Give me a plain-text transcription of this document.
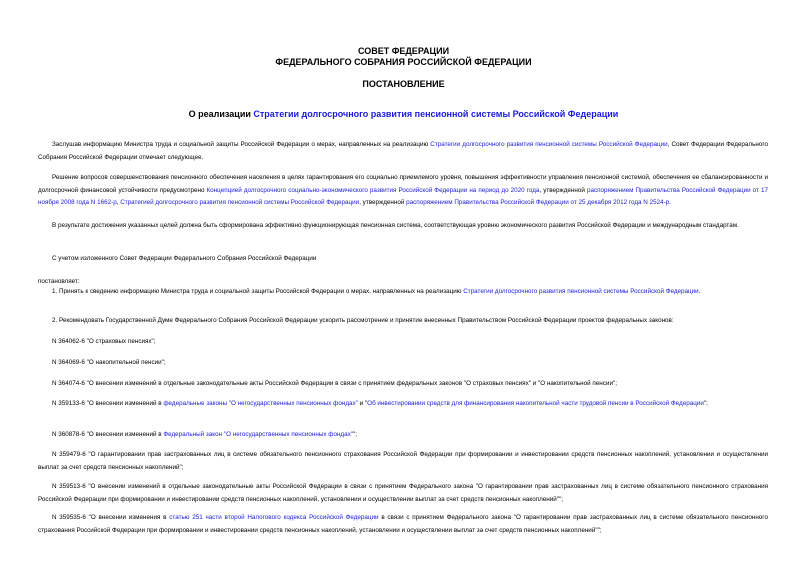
СОВЕТ ФЕДЕРАЦИИ
ФЕДЕРАЛЬНОГО СОБРАНИЯ РОССИЙСКОЙ ФЕДЕРАЦИИ
ПОСТАНОВЛЕНИЕ
О реализации Стратегии долгосрочного развития пенсионной системы Российской Федерации
Заслушав информацию Министра труда и социальной защиты Российской Федерации о мерах, направленных на реализацию Стратегии долгосрочного развития пенсионной системы Российской Федерации, Совет Федерации Федерального Собрания Российской Федерации отмечает следующее.
Решение вопросов совершенствования пенсионного обеспечения населения в целях гарантирования его социально приемлемого уровня, повышения эффективности управления пенсионной системой, обеспечения ее сбалансированности и долгосрочной финансовой устойчивости предусмотрено Концепцией долгосрочного социально-экономического развития Российской Федерации на период до 2020 года, утвержденной распоряжением Правительства Российской Федерации от 17 ноября 2008 года N 1662-р, Стратегией долгосрочного развития пенсионной системы Российской Федерации, утвержденной распоряжением Правительства Российской Федерации от 25 декабря 2012 года N 2524-р.
В результате достижения указанных целей должна быть сформирована эффективно функционирующая пенсионная система, соответствующая уровню экономического развития Российской Федерации и международным стандартам.
С учетом изложенного Совет Федерации Федерального Собрания Российской Федерации
постановляет:
1. Принять к сведению информацию Министра труда и социальной защиты Российской Федерации о мерах, направленных на реализацию Стратегии долгосрочного развития пенсионной системы Российской Федерации.
2. Рекомендовать Государственной Думе Федерального Собрания Российской Федерации ускорить рассмотрение и принятие внесенных Правительством Российской Федерации проектов федеральных законов:
N 364062-6 "О страховых пенсиях";
N 364069-6 "О накопительной пенсии";
N 364074-6 "О внесении изменений в отдельные законодательные акты Российской Федерации в связи с принятием федеральных законов "О страховых пенсиях" и "О накопительной пенсии";
N 359133-6 "О внесении изменений в федеральные законы "О негосударственных пенсионных фондах" и "Об инвестировании средств для финансирования накопительной части трудовой пенсии в Российской Федерации";
N 360878-6 "О внесении изменений в Федеральный закон "О негосударственных пенсионных фондах"";
N 359479-6 "О гарантировании прав застрахованных лиц в системе обязательного пенсионного страхования Российской Федерации при формировании и инвестировании средств пенсионных накоплений, установлении и осуществлении выплат за счет средств пенсионных накоплений";
N 359513-6 "О внесении изменений в отдельные законодательные акты Российской Федерации в связи с принятием Федерального закона "О гарантировании прав застрахованных лиц в системе обязательного пенсионного страхования Российской Федерации при формировании и инвестировании средств пенсионных накоплений, установлении и осуществлении выплат за счет средств пенсионных накоплений"";
N 359535-6 "О внесении изменения в статью 251 части второй Налогового кодекса Российской Федерации в связи с принятием Федерального закона "О гарантировании прав застрахованных лиц в системе обязательного пенсионного страхования Российской Федерации при формировании и инвестировании средств пенсионных накоплений, установлении и осуществлении выплат за счет средств пенсионных накоплений"";
